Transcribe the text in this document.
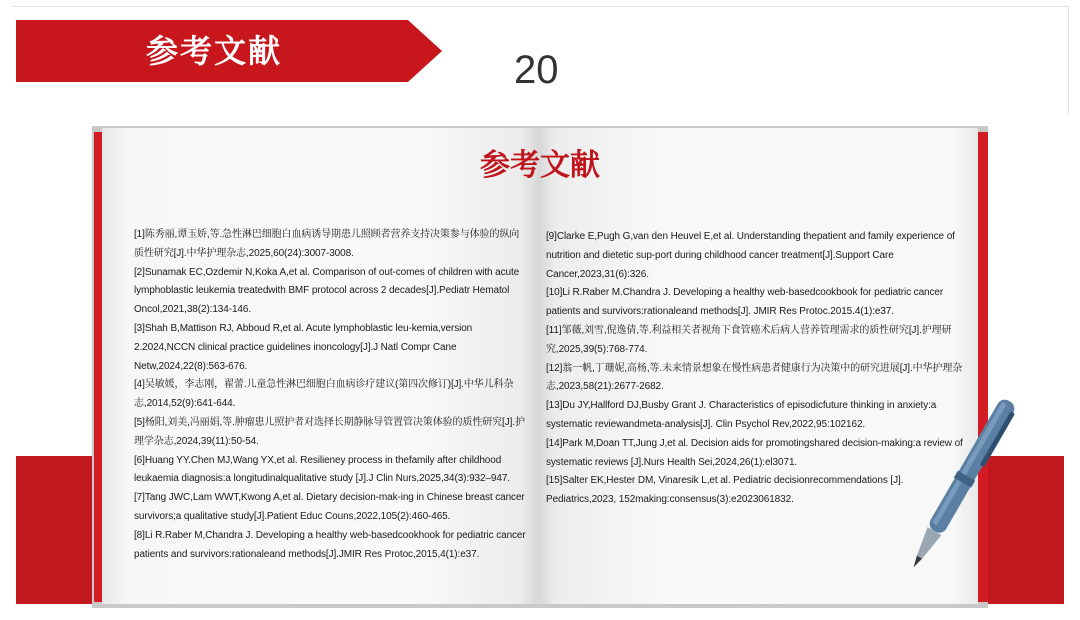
参考文献	20
参考文献

[1]陈秀丽,谭玉娇,等.急性淋巴细胞白血病诱导期患儿照顾者营养支持决策参与体验的纵向质性研究[J].中华护理杂志,2025,60(24):3007-3008.

[2]Sunamak EC,Ozdemir N,Koka A,et al. Comparison of out-comes of children with acute lymphoblastic leukemia treatedwith BMF protocol across 2 decades[J].Pediatr Hematol Oncol,2021,38(2):134-146.

[3]Shah B,Mattison RJ, Abboud R,et al. Acute lymphoblastic leu-kemia,version 2.2024,NCCN clinical practice guidelines inoncology[J].J Natl Compr Cane Netw,2024,22(8):563-676.

[4]吴敏媛，李志刚，翟蕾.儿童急性淋巴细胞白血病诊疗建议(第四次修订)[J].中华儿科杂志,2014,52(9):641-644.

[5]杨阳,刘美,冯丽娟,等.肿瘤患儿照护者对选择长期静脉导管置管决策体验的质性研究[J].护理学杂志,2024,39(11):50-54.

[6]Huang YY.Chen MJ,Wang YX,et al. Resilieney process in thefamily after childhood leukaemia diagnosis:a longitudinalqualitative study [J].J Clin Nurs,2025,34(3):932–947.

[7]Tang JWC,Lam WWT,Kwong A,et al. Dietary decision-mak-ing in Chinese breast cancer survivors;a qualitative study[J].Patient Educ Couns,2022,105(2):460-465.

[8]Li R.Raber M,Chandra J. Developing a healthy web-basedcookhook for pediatric cancer patients and survivors:rationaleand methods[J].JMIR Res Protoc,2015,4(1):e37.

[9]Clarke E,Pugh G,van den Heuvel E,et al. Understanding thepatient and family experience of nutrition and dietetic sup-port during childhood cancer treatment[J].Support Care Cancer,2023,31(6):326.

[10]Li R.Raber M.Chandra J. Developing a healthy web-basedcookbook for pediatric cancer patients and survivors:rationaleand methods[J]. JMIR Res Protoc.2015.4(1):e37.

[11]邹薇,刘雪,倪逸倩,等.利益相关者视角下食管癌术后病人营养管理需求的质性研究[J].护理研究,2025,39(5):768-774.

[12]翁一帆,丁珊妮,高杨,等.未来情景想象在慢性病患者健康行为决策中的研究进展[J].中华护理杂志,2023,58(21):2677-2682.

[13]Du JY,Hallford DJ,Busby Grant J. Characteristics of episodicfuture thinking in anxiety:a systematic reviewandmeta-analysis[J]. Clin Psychol Rev,2022,95:102162.

[14]Park M,Doan TT,Jung J,et al. Decision aids for promotingshared decision-making:a review of systematic reviews [J].Nurs Health Sei,2024,26(1):el3071.

[15]Salter EK,Hester DM, Vinaresik L,et al. Pediatric decisionrecommendations [J]. Pediatrics,2023, 152making:consensus(3):e2023061832.
